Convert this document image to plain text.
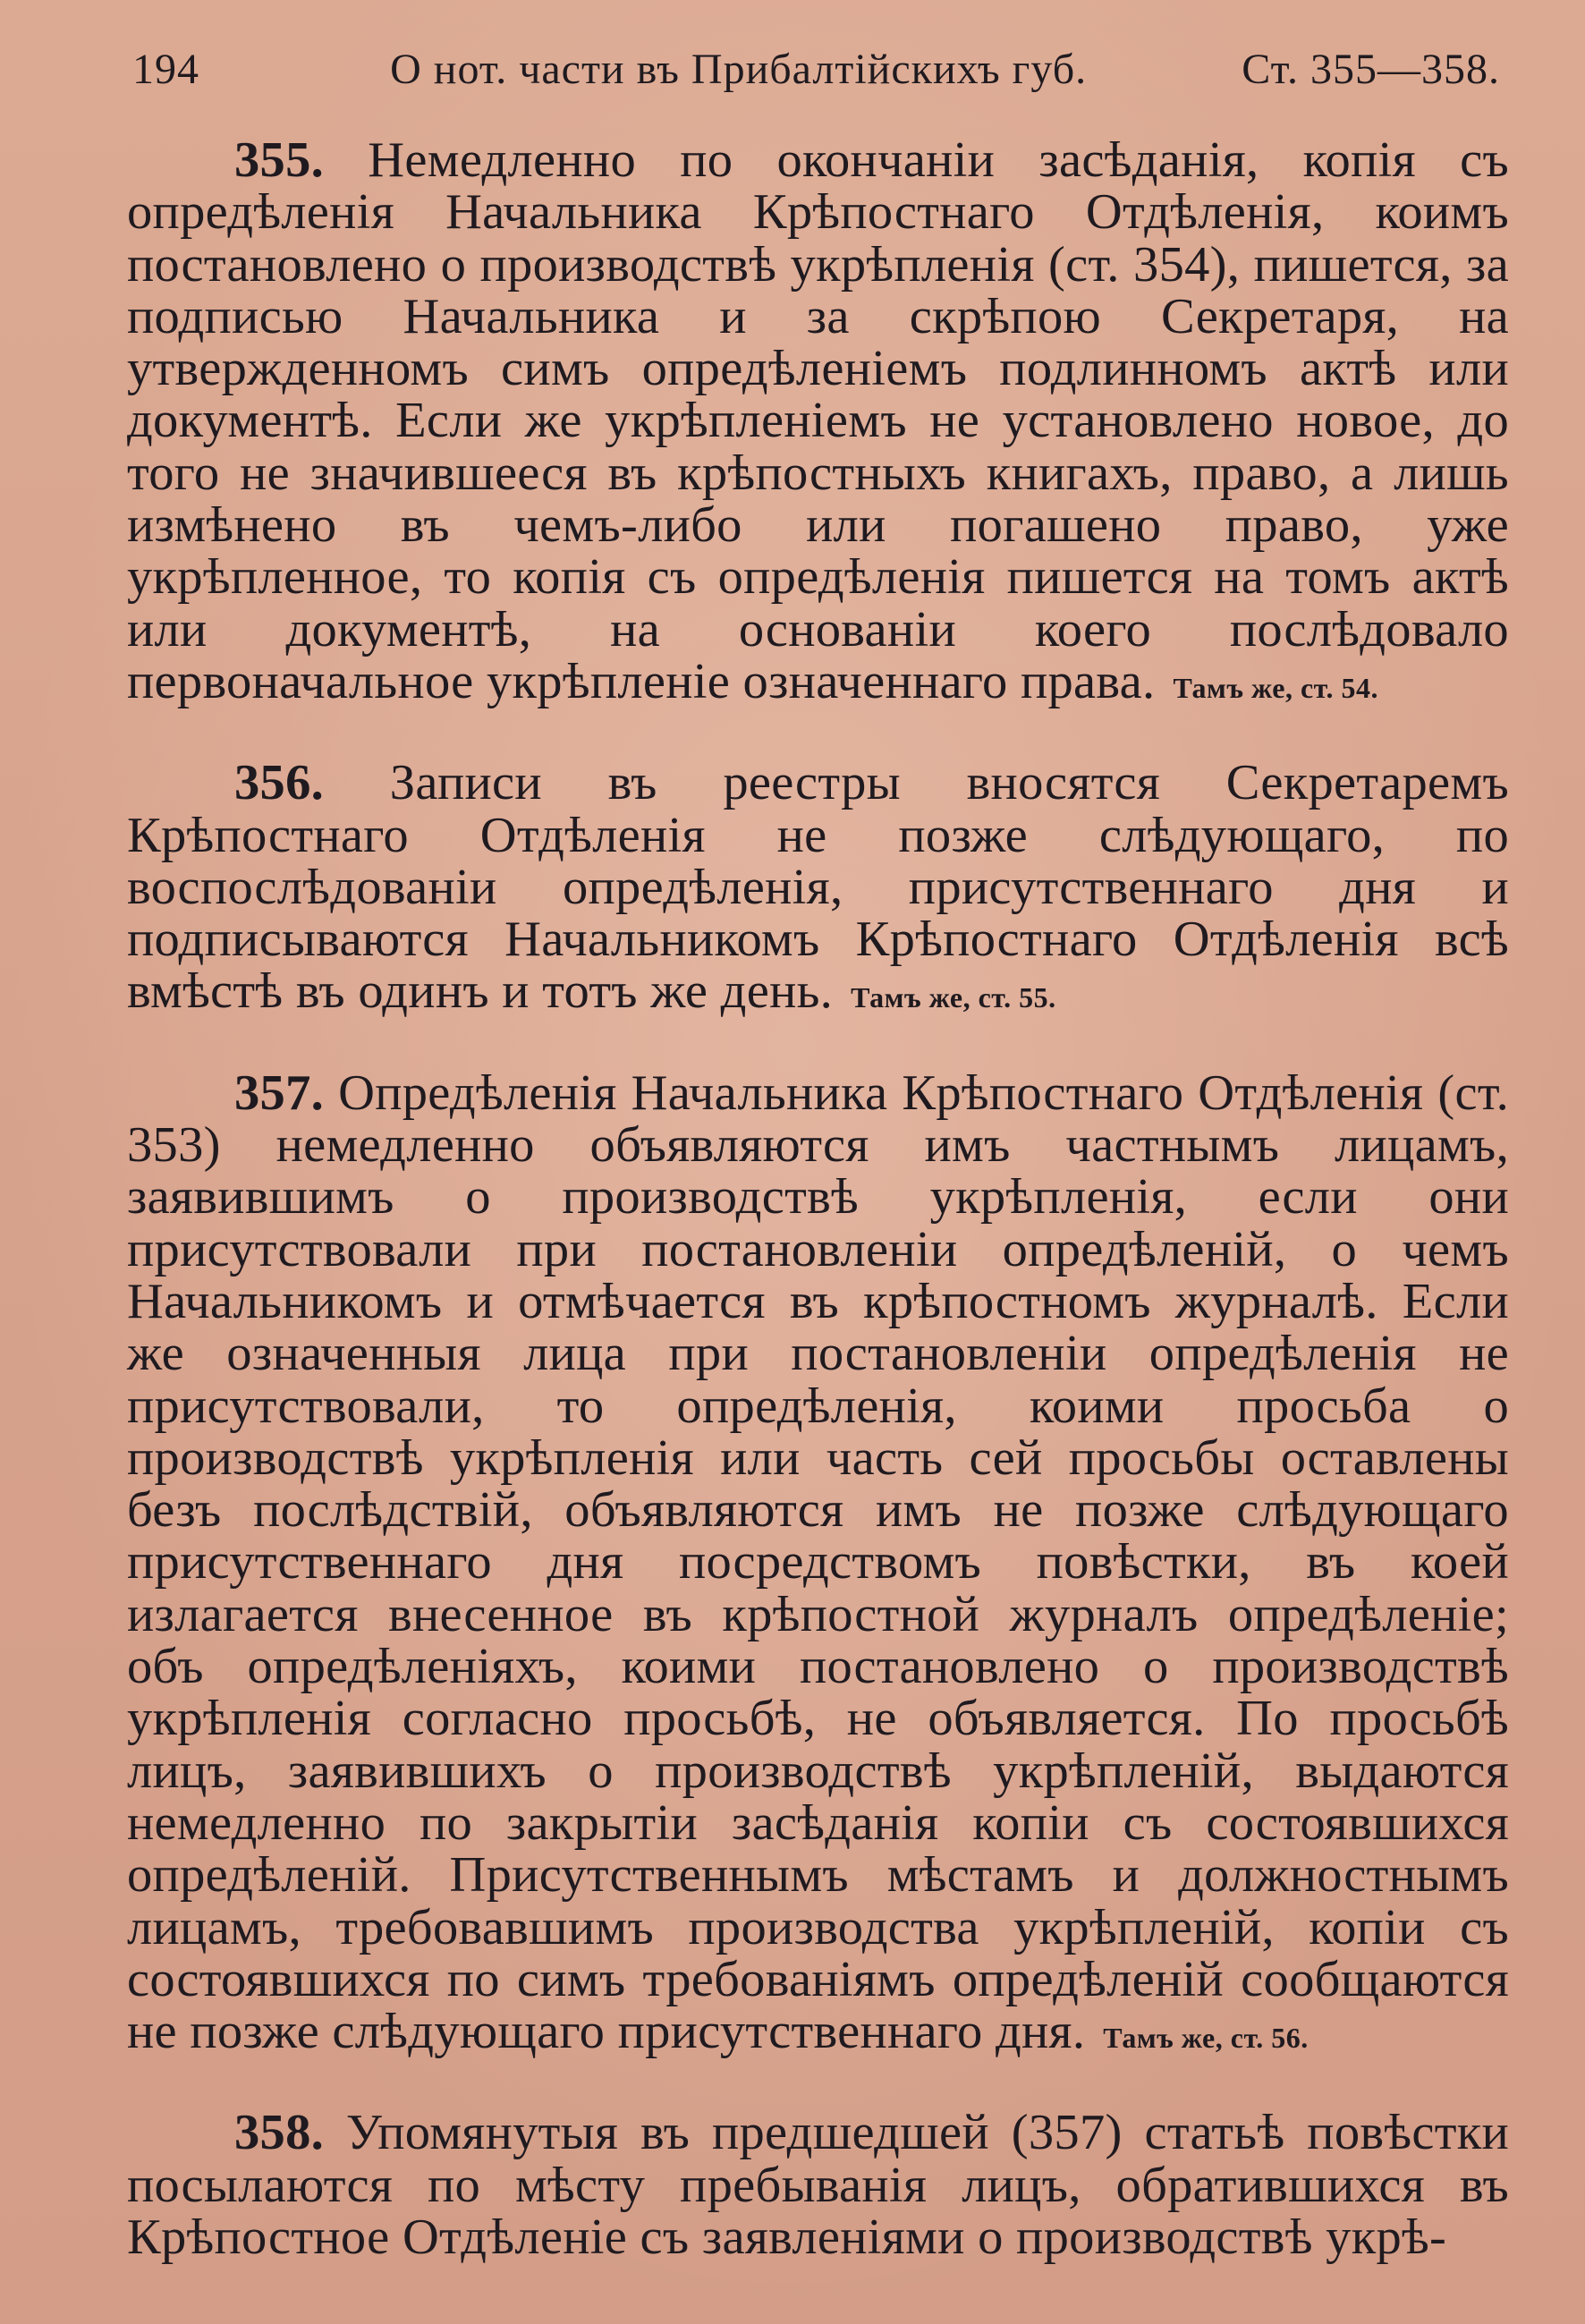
194	О нот. части въ Прибалтійскихъ губ.	Ст. 355—358.

355. Немедленно по окончаніи засѣданія, копія съ опредѣленія Начальника Крѣпостнаго Отдѣленія, коимъ постановлено о производствѣ укрѣпленія (ст. 354), пишется, за подписью Начальника и за скрѣпою Секретаря, на утвержденномъ симъ опредѣленіемъ подлинномъ актѣ или документѣ. Если же укрѣпленіемъ не установлено новое, до того не значившееся въ крѣпостныхъ книгахъ, право, а лишь измѣнено въ чемъ-либо или погашено право, уже укрѣпленное, то копія съ опредѣленія пишется на томъ актѣ или документѣ, на основаніи коего послѣдовало первоначальное укрѣпленіе означеннаго права. Тамъ же, ст. 54.

356. Записи въ реестры вносятся Секретаремъ Крѣпостнаго Отдѣленія не позже слѣдующаго, по воспослѣдованіи опредѣленія, присутственнаго дня и подписываются Начальникомъ Крѣпостнаго Отдѣленія всѣ вмѣстѣ въ одинъ и тотъ же день. Тамъ же, ст. 55.

357. Опредѣленія Начальника Крѣпостнаго Отдѣленія (ст. 353) немедленно объявляются имъ частнымъ лицамъ, заявившимъ о производствѣ укрѣпленія, если они присутствовали при постановленіи опредѣленій, о чемъ Начальникомъ и отмѣчается въ крѣпостномъ журналѣ. Если же означенныя лица при постановленіи опредѣленія не присутствовали, то опредѣленія, коими просьба о производствѣ укрѣпленія или часть сей просьбы оставлены безъ послѣдствій, объявляются имъ не позже слѣдующаго присутственнаго дня посредствомъ повѣстки, въ коей излагается внесенное въ крѣпостной журналъ опредѣленіе; объ опредѣленіяхъ, коими постановлено о производствѣ укрѣпленія согласно просьбѣ, не объявляется. По просьбѣ лицъ, заявившихъ о производствѣ укрѣпленій, выдаются немедленно по закрытіи засѣданія копіи съ состоявшихся опредѣленій. Присутственнымъ мѣстамъ и должностнымъ лицамъ, требовавшимъ производства укрѣпленій, копіи съ состоявшихся по симъ требованіямъ опредѣленій сообщаются не позже слѣдующаго присутственнаго дня. Тамъ же, ст. 56.

358. Упомянутыя въ предшедшей (357) статьѣ повѣстки посылаются по мѣсту пребыванія лицъ, обратившихся въ Крѣпостное Отдѣленіе съ заявленіями о производствѣ укрѣ-
